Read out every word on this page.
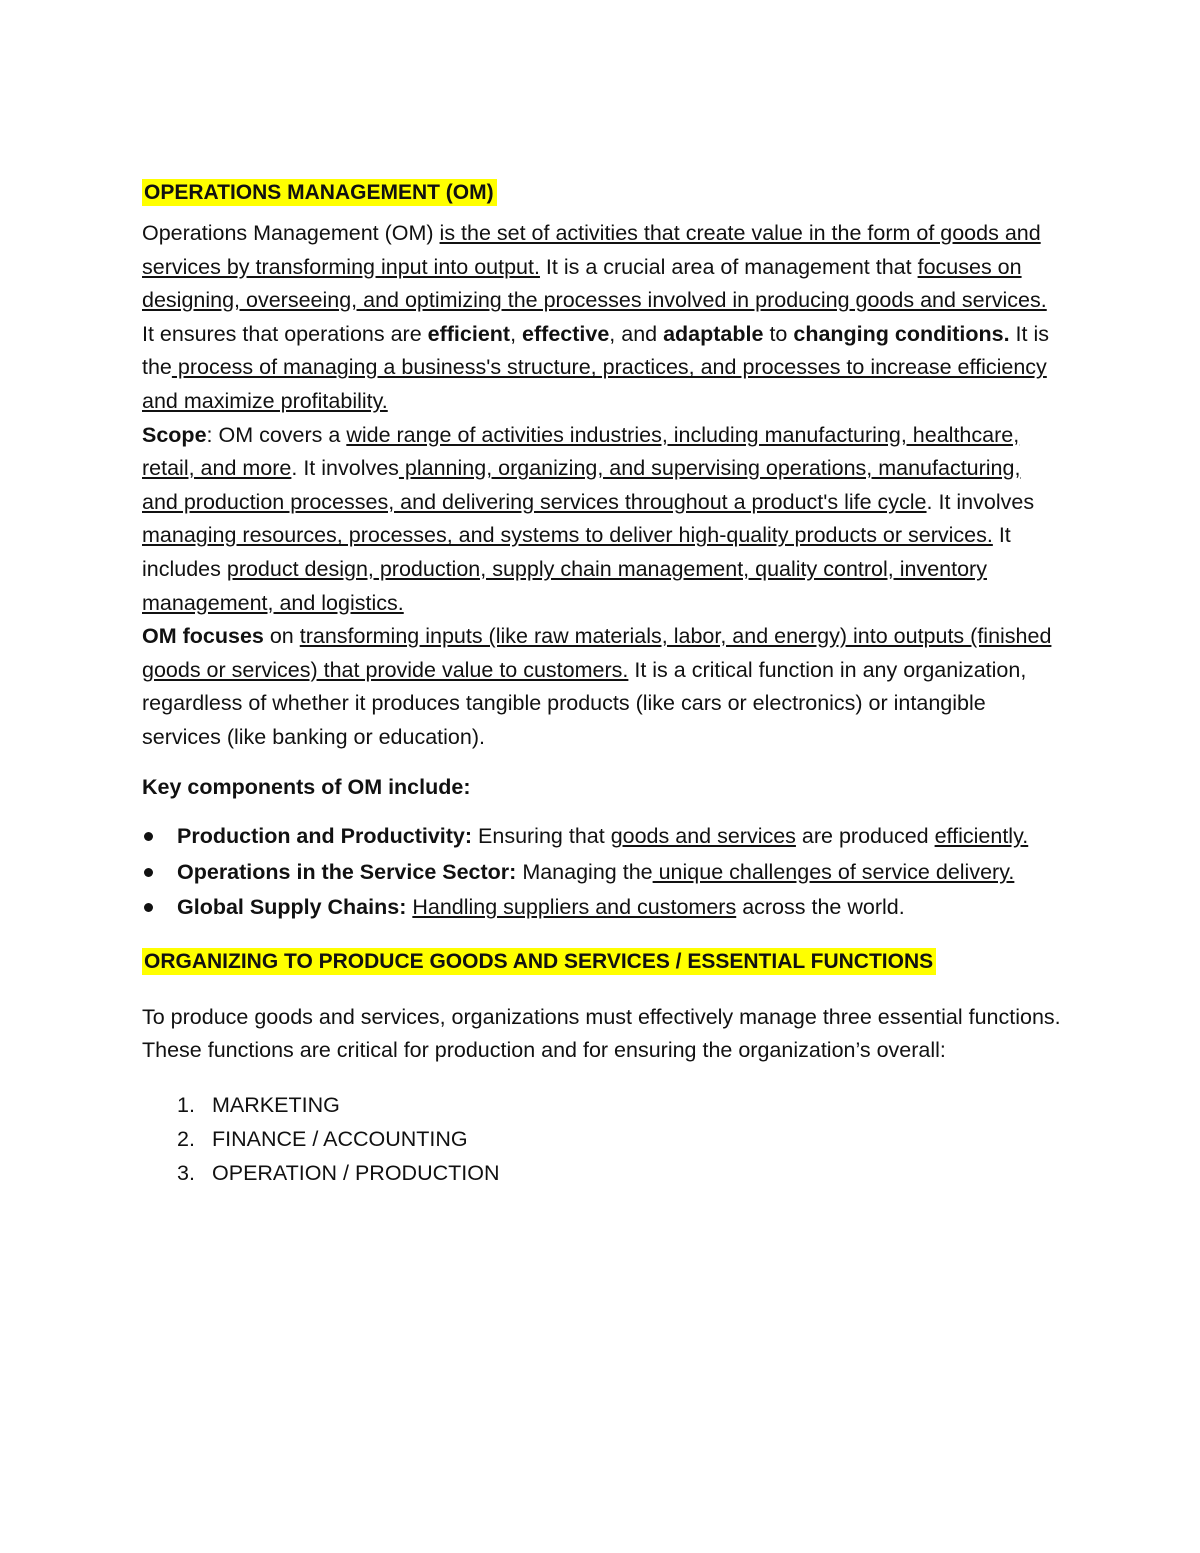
OPERATIONS MANAGEMENT (OM)

Operations Management (OM) is the set of activities that create value in the form of goods and services by transforming input into output. It is a crucial area of management that focuses on designing, overseeing, and optimizing the processes involved in producing goods and services. It ensures that operations are efficient, effective, and adaptable to changing conditions. It is the process of managing a business's structure, practices, and processes to increase efficiency and maximize profitability.

Scope: OM covers a wide range of activities industries, including manufacturing, healthcare, retail, and more. It involves planning, organizing, and supervising operations, manufacturing, and production processes, and delivering services throughout a product's life cycle. It involves managing resources, processes, and systems to deliver high-quality products or services. It includes product design, production, supply chain management, quality control, inventory management, and logistics.

OM focuses on transforming inputs (like raw materials, labor, and energy) into outputs (finished goods or services) that provide value to customers. It is a critical function in any organization, regardless of whether it produces tangible products (like cars or electronics) or intangible services (like banking or education).

Key components of OM include:

Production and Productivity: Ensuring that goods and services are produced efficiently.
Operations in the Service Sector: Managing the unique challenges of service delivery.
Global Supply Chains: Handling suppliers and customers across the world.

ORGANIZING TO PRODUCE GOODS AND SERVICES / ESSENTIAL FUNCTIONS

To produce goods and services, organizations must effectively manage three essential functions. These functions are critical for production and for ensuring the organization’s overall:

1. MARKETING
2. FINANCE / ACCOUNTING
3. OPERATION / PRODUCTION
